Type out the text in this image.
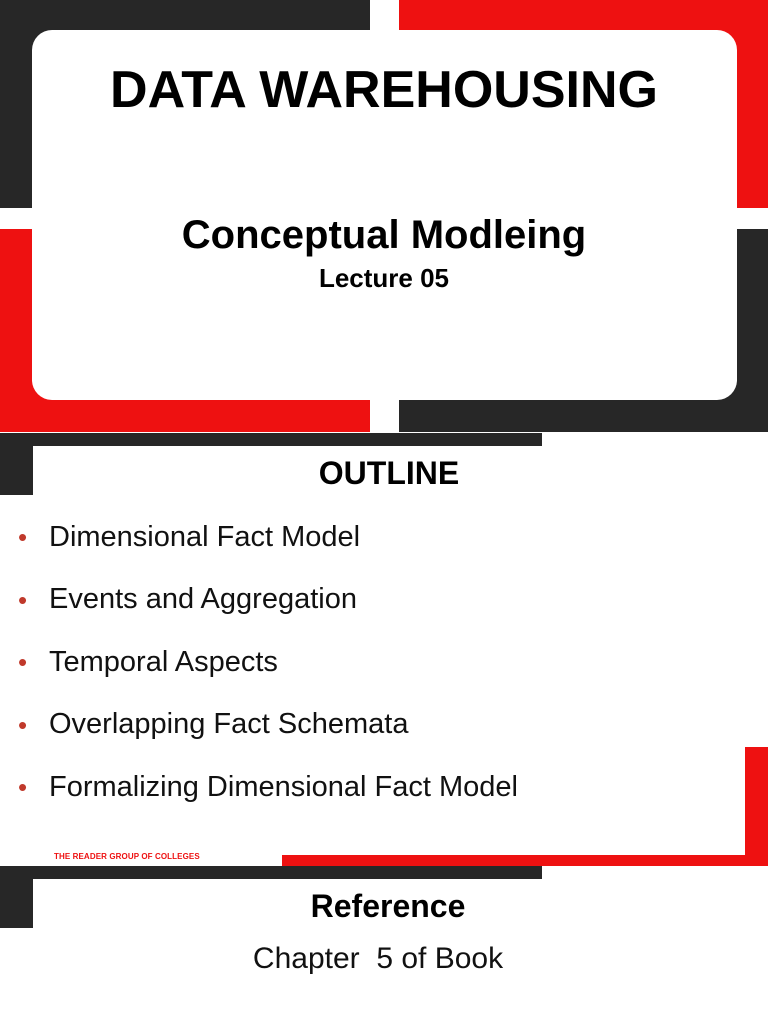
DATA WAREHOUSING
Conceptual Modleing
Lecture 05
OUTLINE
• Dimensional Fact Model
• Events and Aggregation
• Temporal Aspects
• Overlapping Fact Schemata
• Formalizing Dimensional Fact Model
THE READER GROUP OF COLLEGES
Reference
Chapter  5 of Book
